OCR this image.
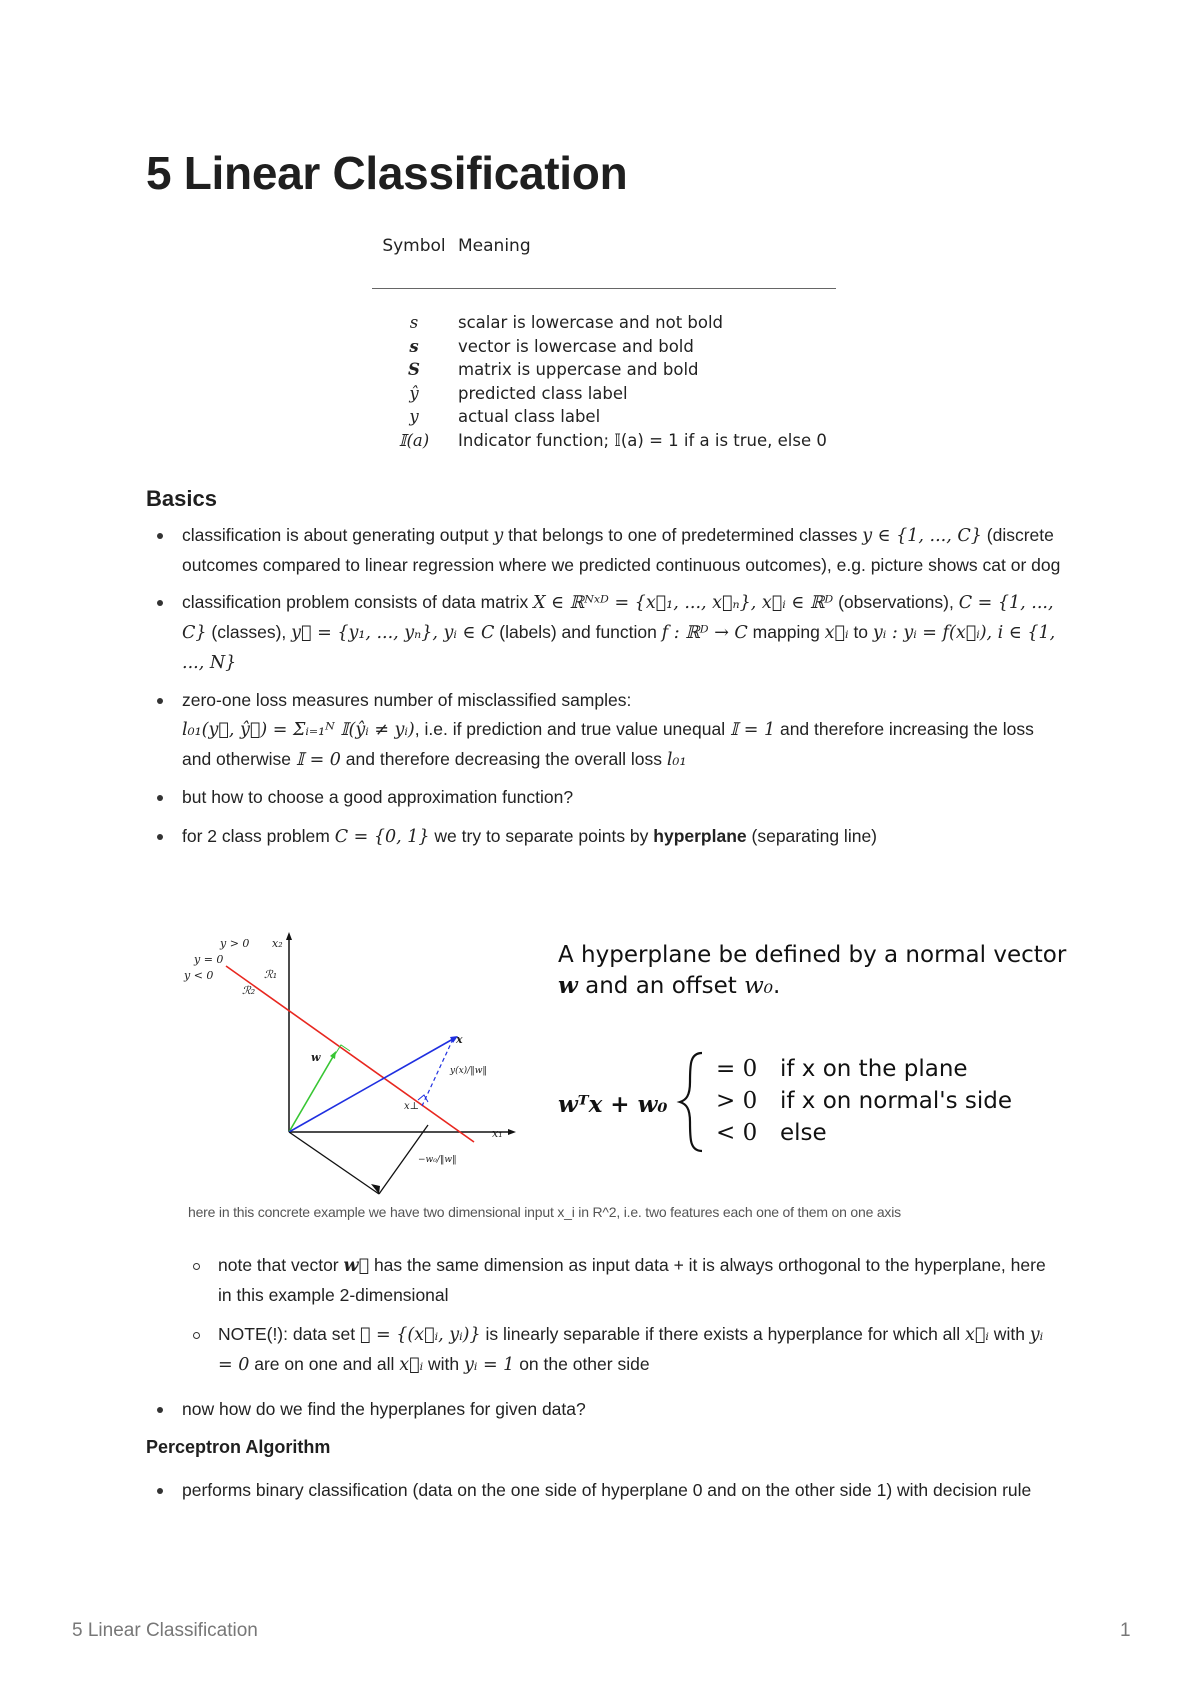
5 Linear Classification
Symbol Meaning
s	scalar is lowercase and not bold
s	vector is lowercase and bold
S	matrix is uppercase and bold
ŷ	predicted class label
y	actual class label
𝕀(a)	Indicator function; 𝕀(a) = 1 if a is true, else 0
Basics
classification is about generating output y that belongs to one of predetermined classes y ∈ {1, ..., C} (discrete outcomes compared to linear regression where we predicted continuous outcomes), e.g. picture shows cat or dog
classification problem consists of data matrix X ∈ ℝᴺˣᴰ = {x⃗₁, ..., x⃗ₙ}, x⃗ᵢ ∈ ℝᴰ (observations), C = {1, ..., C} (classes), y⃗ = {y₁, ..., yₙ}, yᵢ ∈ C (labels) and function f : ℝᴰ → C mapping x⃗ᵢ to yᵢ : yᵢ = f(x⃗ᵢ), i ∈ {1, ..., N}
zero-one loss measures number of misclassified samples:
l₀₁(y⃗, ŷ⃗) = Σᵢ₌₁ᴺ 𝕀(ŷᵢ ≠ yᵢ), i.e. if prediction and true value unequal 𝕀 = 1 and therefore increasing the loss and otherwise 𝕀 = 0 and therefore decreasing the overall loss l₀₁
but how to choose a good approximation function?
for 2 class problem C = {0, 1} we try to separate points by hyperplane (separating line)
y > 0
y = 0
y < 0	ℛ₁
ℛ₂
x₂
x₁
w
x
x⊥
y(x)/‖w‖
−w₀/‖w‖
A hyperplane be defined by a normal vector
w and an offset w₀.
wᵀx + w₀
= 0 if x on the plane
> 0 if x on normal's side
< 0 else
here in this concrete example we have two dimensional input x_i in R^2, i.e. two features each one of them on one axis
note that vector w⃗ has the same dimension as input data + it is always orthogonal to the hyperplane, here in this example 2-dimensional
NOTE(!): data set 𝒟 = {(x⃗ᵢ, yᵢ)} is linearly separable if there exists a hyperplance for which all x⃗ᵢ with yᵢ = 0 are on one and all x⃗ᵢ with yᵢ = 1 on the other side
now how do we find the hyperplanes for given data?
Perceptron Algorithm
performs binary classification (data on the one side of hyperplane 0 and on the other side 1) with decision rule
5 Linear Classification	1
